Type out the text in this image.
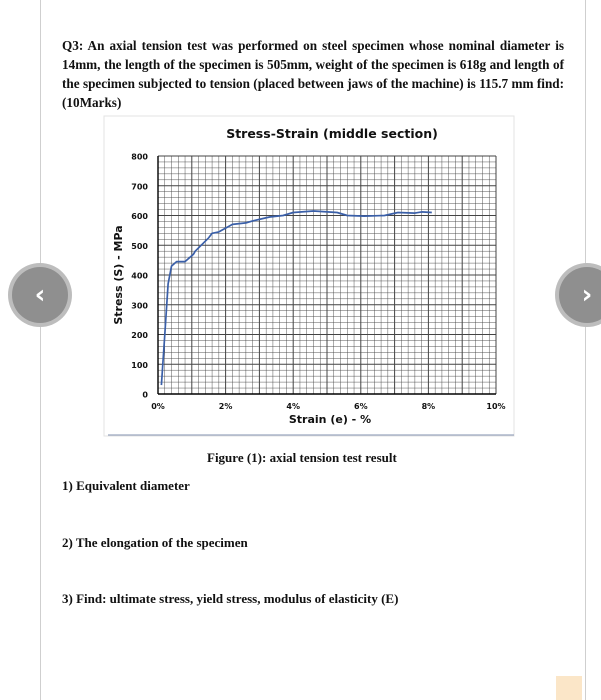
Q3: An axial tension test was performed on steel specimen whose nominal diameter is 14mm, the length of the specimen is 505mm, weight of the specimen is 618g and length of the specimen subjected to tension (placed between jaws of the machine) is 115.7 mm find: (10Marks)
0
100
200
300
400
500
600
700
800
0%	2%	4%	6%	8%	10%
Stress-Strain (middle section)
Strain (e) - %
Stress (S) - MPa
Figure (1): axial tension test result
1) Equivalent diameter
2) The elongation of the specimen
3) Find: ultimate stress, yield stress, modulus of elasticity (E)
‹	›
